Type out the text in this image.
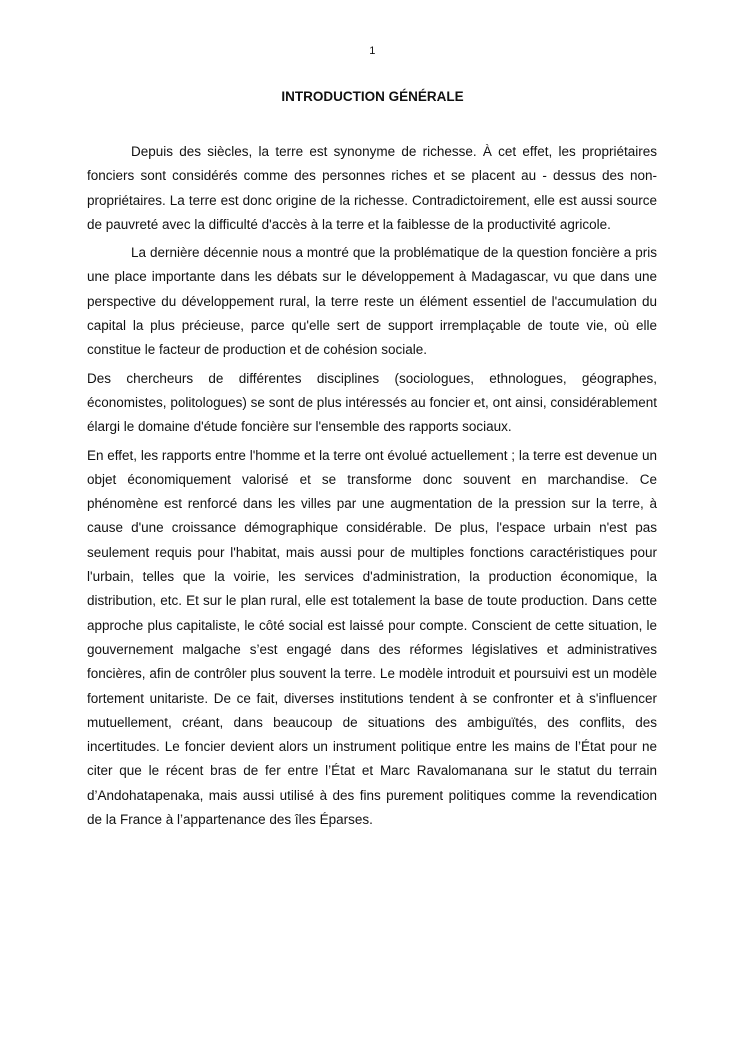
1
INTRODUCTION GÉNÉRALE

Depuis des siècles, la terre est synonyme de richesse. À cet effet, les propriétaires fonciers sont considérés comme des personnes riches et se placent au - dessus des non-propriétaires. La terre est donc origine de la richesse. Contradictoirement, elle est aussi source de pauvreté avec la difficulté d'accès à la terre et la faiblesse de la productivité agricole.

La dernière décennie nous a montré que la problématique de la question foncière a pris une place importante dans les débats sur le développement à Madagascar, vu que dans une perspective du développement rural, la terre reste un élément essentiel de l'accumulation du capital la plus précieuse, parce qu'elle sert de support irremplaçable de toute vie, où elle constitue le facteur de production et de cohésion sociale.

Des chercheurs de différentes disciplines (sociologues, ethnologues, géographes, économistes, politologues) se sont de plus intéressés au foncier et, ont ainsi, considérablement élargi le domaine d'étude foncière sur l'ensemble des rapports sociaux.

En effet, les rapports entre l'homme et la terre ont évolué actuellement ; la terre est devenue un objet économiquement valorisé et se transforme donc souvent en marchandise. Ce phénomène est renforcé dans les villes par une augmentation de la pression sur la terre, à cause d'une croissance démographique considérable. De plus, l'espace urbain n'est pas seulement requis pour l'habitat, mais aussi pour de multiples fonctions caractéristiques pour l'urbain, telles que la voirie, les services d'administration, la production économique, la distribution, etc. Et sur le plan rural, elle est totalement la base de toute production. Dans cette approche plus capitaliste, le côté social est laissé pour compte. Conscient de cette situation, le gouvernement malgache s’est engagé dans des réformes législatives et administratives foncières, afin de contrôler plus souvent la terre. Le modèle introduit et poursuivi est un modèle fortement unitariste. De ce fait, diverses institutions tendent à se confronter et à s'influencer mutuellement, créant, dans beaucoup de situations des ambiguïtés, des conflits, des incertitudes. Le foncier devient alors un instrument politique entre les mains de l’État pour ne citer que le récent bras de fer entre l’État et Marc Ravalomanana sur le statut du terrain d’Andohatapenaka, mais aussi utilisé à des fins purement politiques comme la revendication de la France à l’appartenance des îles Éparses.
